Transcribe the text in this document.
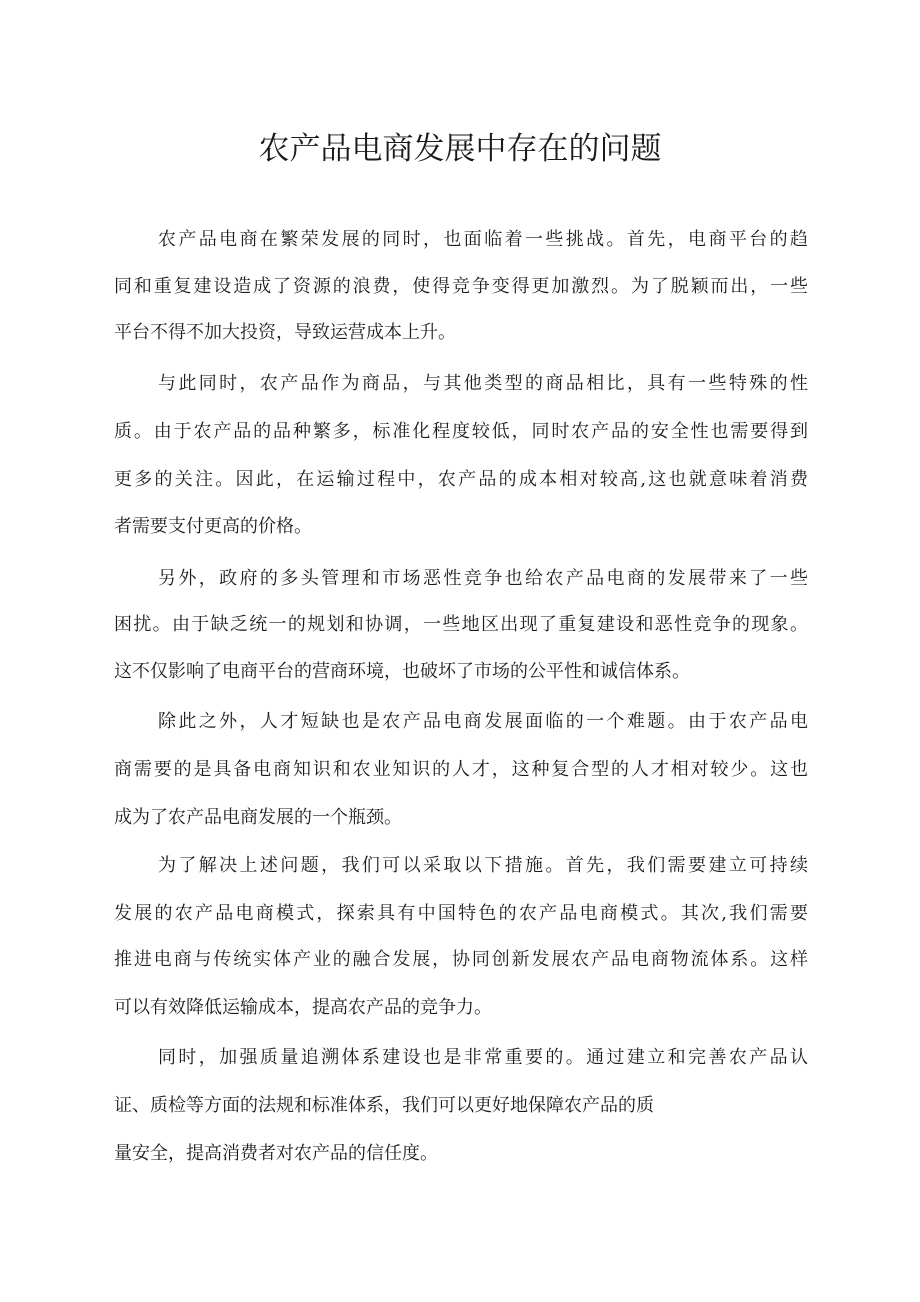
农产品电商发展中存在的问题

农产品电商在繁荣发展的同时，也面临着一些挑战。首先，电商平台的趋

同和重复建设造成了资源的浪费，使得竞争变得更加激烈。为了脱颖而出，一些

平台不得不加大投资，导致运营成本上升。

与此同时，农产品作为商品，与其他类型的商品相比，具有一些特殊的性

质。由于农产品的品种繁多，标准化程度较低，同时农产品的安全性也需要得到

更多的关注。因此，在运输过程中，农产品的成本相对较高,这也就意味着消费

者需要支付更高的价格。

另外，政府的多头管理和市场恶性竞争也给农产品电商的发展带来了一些

困扰。由于缺乏统一的规划和协调，一些地区出现了重复建设和恶性竞争的现象。

这不仅影响了电商平台的营商环境，也破坏了市场的公平性和诚信体系。

除此之外，人才短缺也是农产品电商发展面临的一个难题。由于农产品电

商需要的是具备电商知识和农业知识的人才，这种复合型的人才相对较少。这也

成为了农产品电商发展的一个瓶颈。

为了解决上述问题，我们可以采取以下措施。首先，我们需要建立可持续

发展的农产品电商模式，探索具有中国特色的农产品电商模式。其次,我们需要

推进电商与传统实体产业的融合发展，协同创新发展农产品电商物流体系。这样

可以有效降低运输成本，提高农产品的竞争力。

同时，加强质量追溯体系建设也是非常重要的。通过建立和完善农产品认

证、质检等方面的法规和标准体系，我们可以更好地保障农产品的质

量安全，提高消费者对农产品的信任度。
